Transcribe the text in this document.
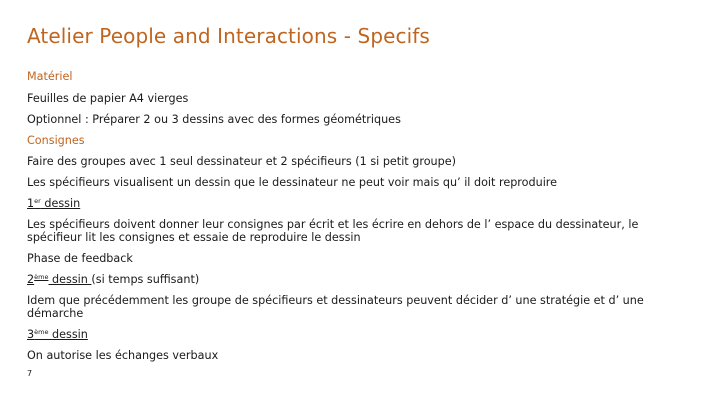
Atelier People and Interactions - Specifs
Matériel
Feuilles de papier A4 vierges
Optionnel : Préparer 2 ou 3 dessins avec des formes géométriques
Consignes
Faire des groupes avec 1 seul dessinateur et 2 spécifieurs (1 si petit groupe)
Les spécifieurs visualisent un dessin que le dessinateur ne peut voir mais qu’ il doit reproduire
1er dessin
Les spécifieurs doivent donner leur consignes par écrit et les écrire en dehors de l’ espace du dessinateur, le spécifieur lit les consignes et essaie de reproduire le dessin
Phase de feedback
2ème dessin (si temps suffisant)
Idem que précédemment les groupe de spécifieurs et dessinateurs peuvent décider d’ une stratégie et d’ une démarche
3ème dessin
On autorise les échanges verbaux
7
